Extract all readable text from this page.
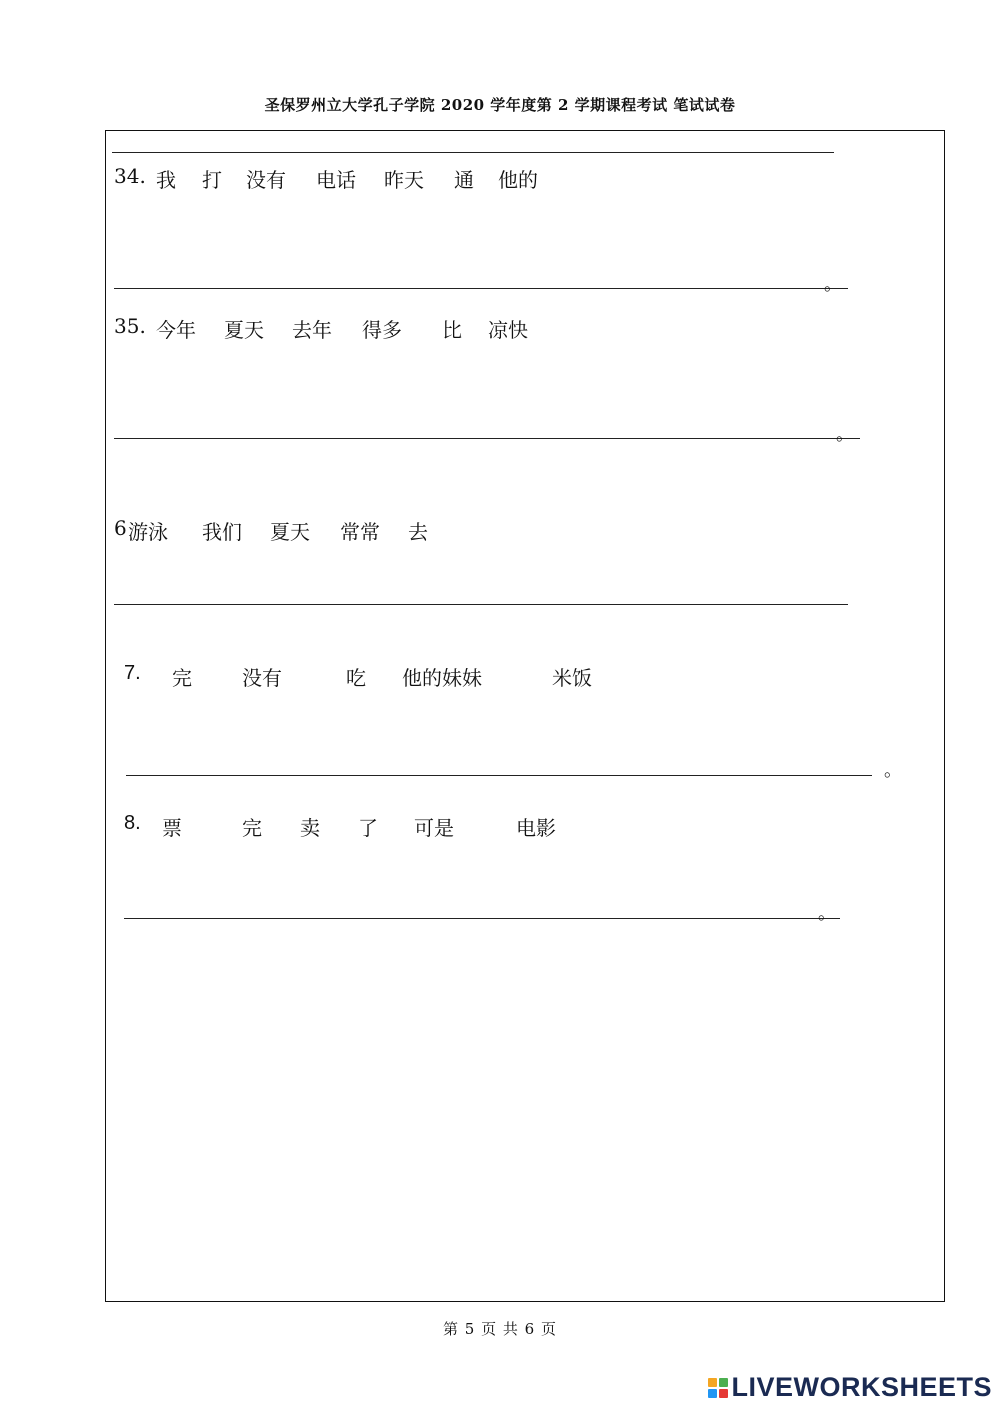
圣保罗州立大学孔子学院 2020 学年度第 2 学期课程考试 笔试试卷
34. 我 打 没有 电话 昨天 通 他的
。
35. 今年 夏天 去年 得多 比 凉快
。
6 游泳 我们 夏天 常常 去
7. 完	没有	吃 他的妹妹	米饭
。
8. 票	完 卖 了 可是	电影
。
第 5 页 共 6 页
LIVEWORKSHEETS
